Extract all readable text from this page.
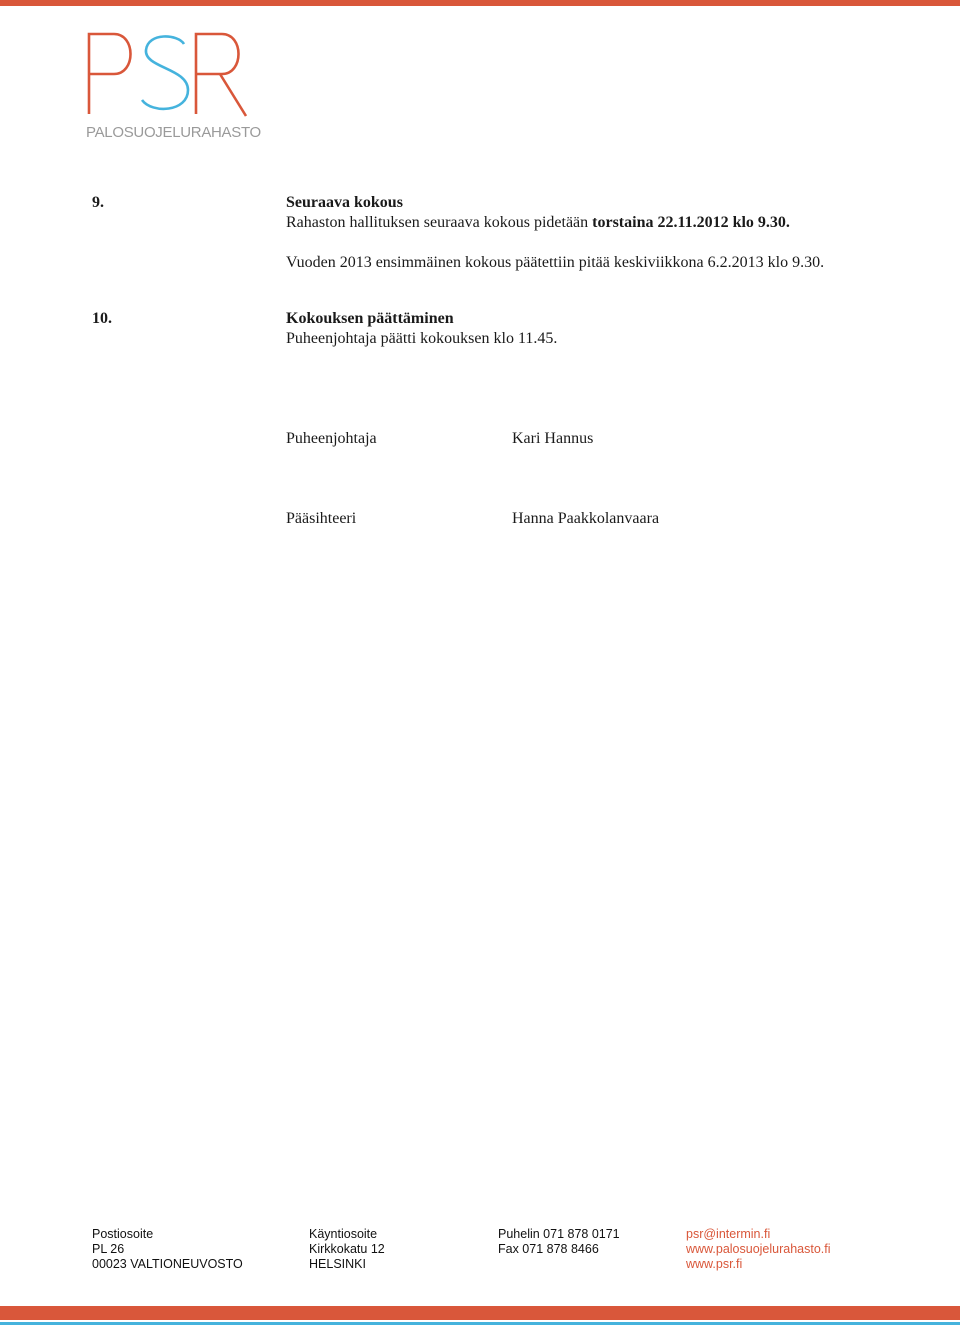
PALOSUOJELURAHASTO
9.	Seuraava kokous
Rahaston hallituksen seuraava kokous pidetään torstaina 22.11.2012 klo 9.30.
Vuoden 2013 ensimmäinen kokous päätettiin pitää keskiviikkona 6.2.2013 klo 9.30.
10.	Kokouksen päättäminen
Puheenjohtaja päätti kokouksen klo 11.45.
Puheenjohtaja	Kari Hannus
Pääsihteeri	Hanna Paakkolanvaara
Postiosoite
PL 26
00023 VALTIONEUVOSTO
Käyntiosoite
Kirkkokatu 12
HELSINKI
Puhelin 071 878 0171
Fax 071 878 8466
psr@intermin.fi
www.palosuojelurahasto.fi
www.psr.fi
